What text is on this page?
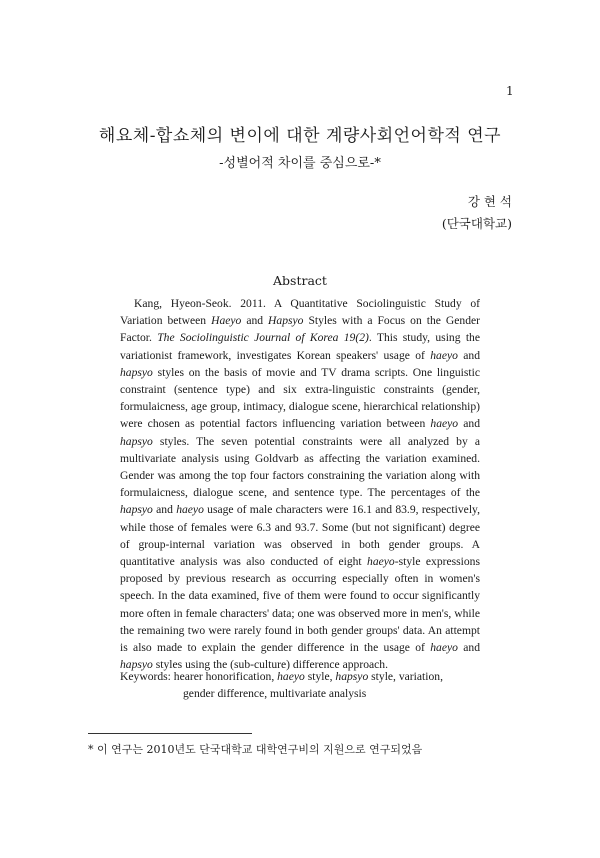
1
해요체-합쇼체의 변이에 대한 계량사회언어학적 연구
-성별어적 차이를 중심으로-*
강 현 석
(단국대학교)
Abstract

Kang, Hyeon-Seok. 2011. A Quantitative Sociolinguistic Study of Variation between Haeyo and Hapsyo Styles with a Focus on the Gender Factor. The Sociolinguistic Journal of Korea 19(2). This study, using the variationist framework, investigates Korean speakers' usage of haeyo and hapsyo styles on the basis of movie and TV drama scripts. One linguistic constraint (sentence type) and six extra-linguistic constraints (gender, formulaicness, age group, intimacy, dialogue scene, hierarchical relationship) were chosen as potential factors influencing variation between haeyo and hapsyo styles. The seven potential constraints were all analyzed by a multivariate analysis using Goldvarb as affecting the variation examined. Gender was among the top four factors constraining the variation along with formulaicness, dialogue scene, and sentence type. The percentages of the hapsyo and haeyo usage of male characters were 16.1 and 83.9, respectively, while those of females were 6.3 and 93.7. Some (but not significant) degree of group-internal variation was observed in both gender groups. A quantitative analysis was also conducted of eight haeyo-style expressions proposed by previous research as occurring especially often in women's speech. In the data examined, five of them were found to occur significantly more often in female characters' data; one was observed more in men's, while the remaining two were rarely found in both gender groups' data. An attempt is also made to explain the gender difference in the usage of haeyo and hapsyo styles using the (sub-culture) difference approach.

Keywords: hearer honorification, haeyo style, hapsyo style, variation,
gender difference, multivariate analysis
* 이 연구는 2010년도 단국대학교 대학연구비의 지원으로 연구되었음
